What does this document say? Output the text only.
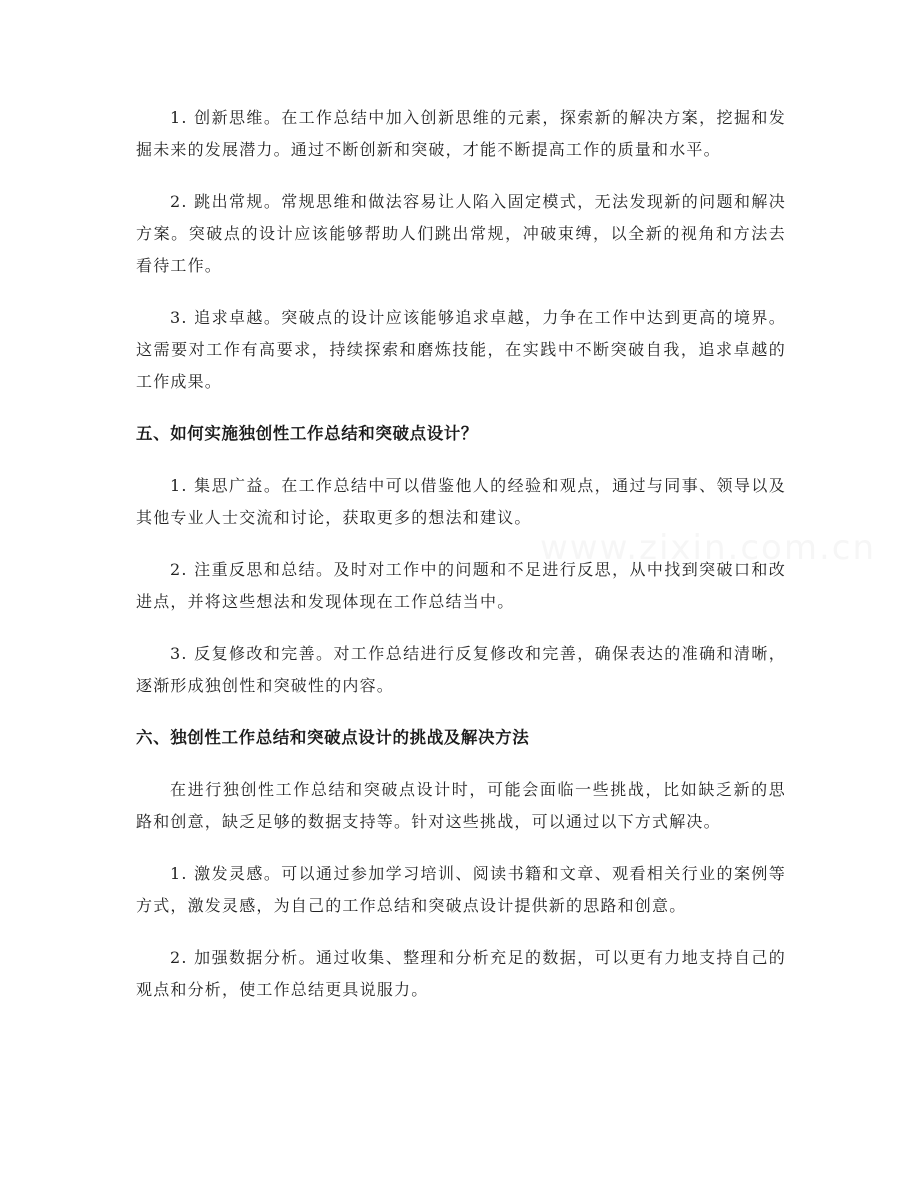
www.zixin.com.cn

1. 创新思维。在工作总结中加入创新思维的元素，探索新的解决方案，挖掘和发掘未来的发展潜力。通过不断创新和突破，才能不断提高工作的质量和水平。

2. 跳出常规。常规思维和做法容易让人陷入固定模式，无法发现新的问题和解决方案。突破点的设计应该能够帮助人们跳出常规，冲破束缚，以全新的视角和方法去看待工作。

3. 追求卓越。突破点的设计应该能够追求卓越，力争在工作中达到更高的境界。这需要对工作有高要求，持续探索和磨炼技能，在实践中不断突破自我，追求卓越的工作成果。

五、如何实施独创性工作总结和突破点设计？

1. 集思广益。在工作总结中可以借鉴他人的经验和观点，通过与同事、领导以及其他专业人士交流和讨论，获取更多的想法和建议。

2. 注重反思和总结。及时对工作中的问题和不足进行反思，从中找到突破口和改进点，并将这些想法和发现体现在工作总结当中。

3. 反复修改和完善。对工作总结进行反复修改和完善，确保表达的准确和清晰，逐渐形成独创性和突破性的内容。

六、独创性工作总结和突破点设计的挑战及解决方法

在进行独创性工作总结和突破点设计时，可能会面临一些挑战，比如缺乏新的思路和创意，缺乏足够的数据支持等。针对这些挑战，可以通过以下方式解决。

1. 激发灵感。可以通过参加学习培训、阅读书籍和文章、观看相关行业的案例等方式，激发灵感，为自己的工作总结和突破点设计提供新的思路和创意。

2. 加强数据分析。通过收集、整理和分析充足的数据，可以更有力地支持自己的观点和分析，使工作总结更具说服力。
